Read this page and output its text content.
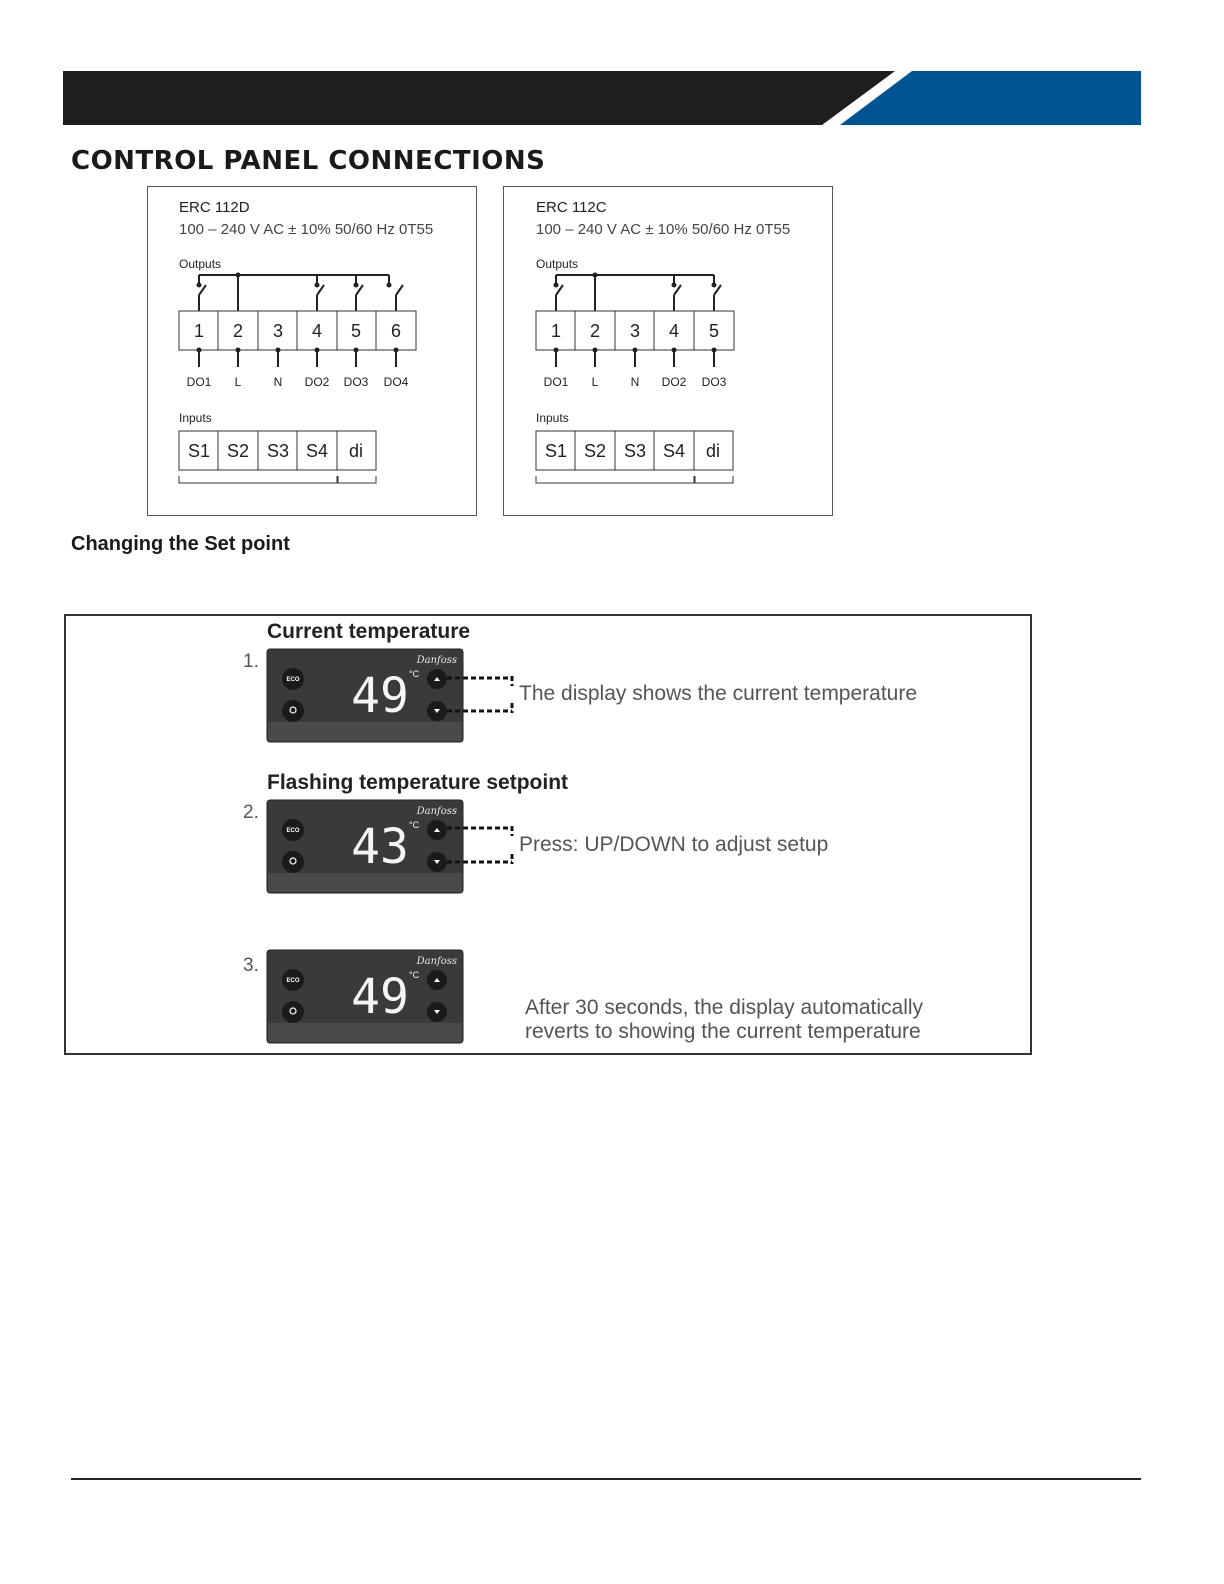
CONTROL PANEL CONNECTIONS
ERC 112D
100 – 240 V AC ± 10% 50/60 Hz 0T55
Outputs
1 2 3 4 5 6
DO1 L	N DO2 DO3 DO4
Inputs
S1 S2 S3 S4 di
ERC 112C
100 – 240 V AC ± 10% 50/60 Hz 0T55
Outputs
1 2 3 4 5
DO1 L	N DO2 DO3
Inputs
S1 S2 S3 S4 di
Changing the Set point
Current temperature
1.	Danfoss
ECO 49 °C
The display shows the current temperature
Flashing temperature setpoint
2.	Danfoss
ECO 43 °C
Press: UP/DOWN to adjust setup
3.	Danfoss
ECO 49 °C
After 30 seconds, the display automatically
reverts to showing the current temperature
